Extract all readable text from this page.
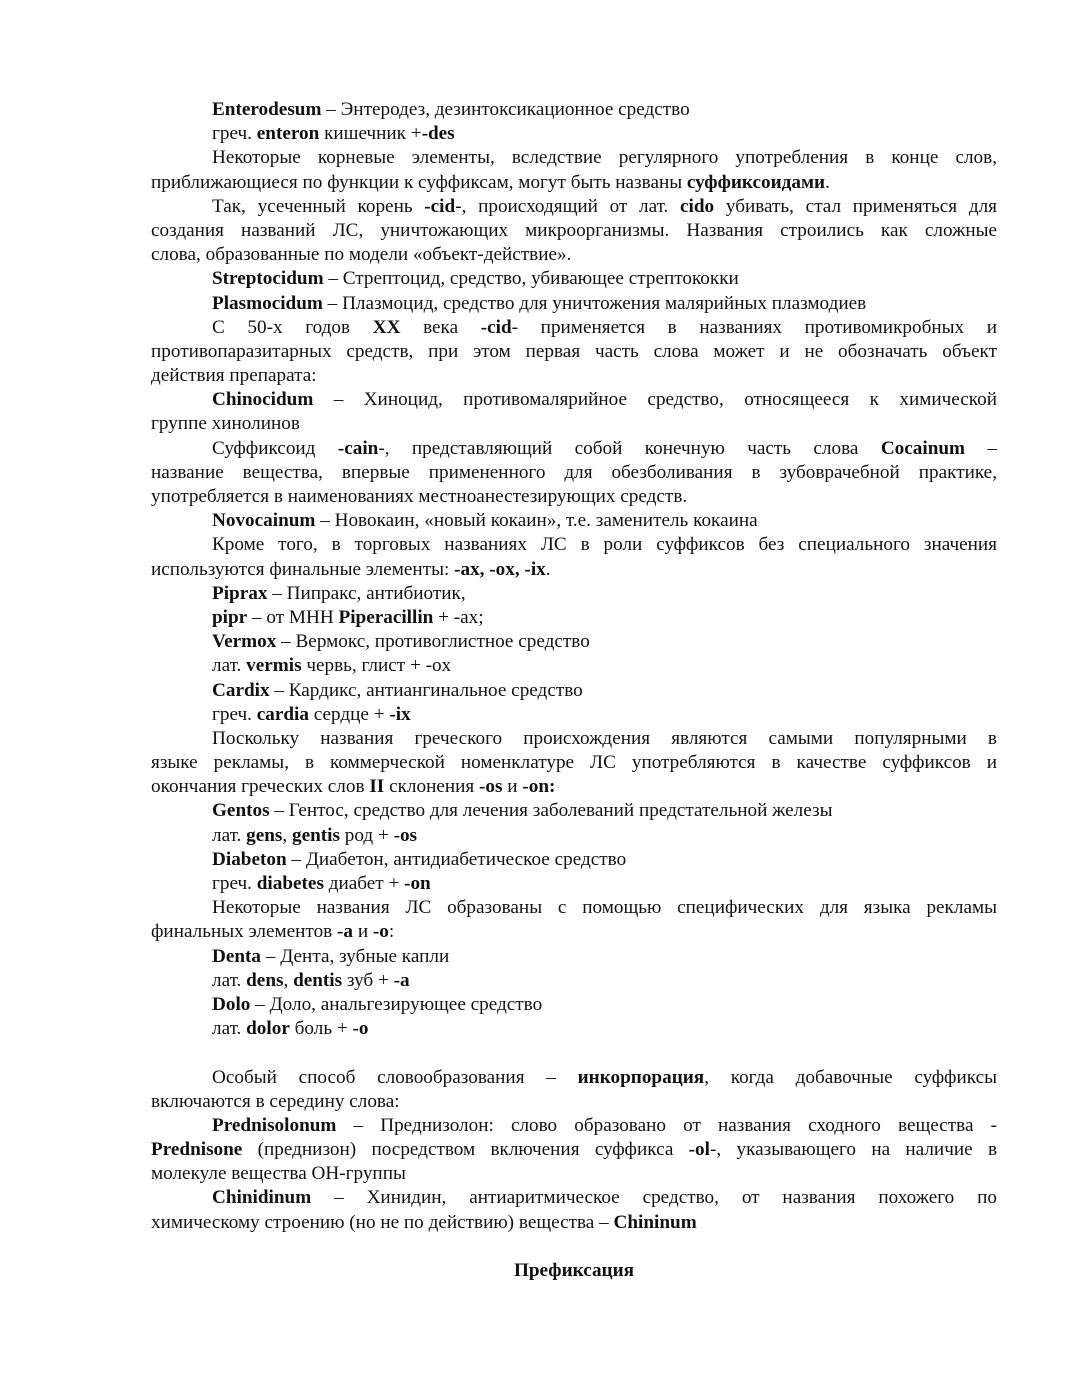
Enterodesum – Энтеродез, дезинтоксикационное средство
греч. enteron кишечник +-des
Некоторые корневые элементы, вследствие регулярного употребления в конце слов,
приближающиеся по функции к суффиксам, могут быть названы суффиксоидами.
Так, усеченный корень -cid-, происходящий от лат. cido убивать, стал применяться для
создания названий ЛС, уничтожающих микроорганизмы. Названия строились как сложные
слова, образованные по модели «объект-действие».
Streptocidum – Стрептоцид, средство, убивающее стрептококки
Plasmocidum – Плазмоцид, средство для уничтожения малярийных плазмодиев
С 50-х годов XX века -cid- применяется в названиях противомикробных и
противопаразитарных средств, при этом первая часть слова может и не обозначать объект
действия препарата:
Chinocidum – Хиноцид, противомалярийное средство, относящееся к химической
группе хинолинов
Суффиксоид -cain-, представляющий собой конечную часть слова Cocainum –
название вещества, впервые примененного для обезболивания в зубоврачебной практике,
употребляется в наименованиях местноанестезирующих средств.
Novocainum – Новокаин, «новый кокаин», т.е. заменитель кокаина
Кроме того, в торговых названиях ЛС в роли суффиксов без специального значения
используются финальные элементы: -ax, -ox, -ix.
Piprax – Пипракс, антибиотик,
pipr – от МНН Piperacillin + -ax;
Vermox – Вермокс, противоглистное средство
лат. vermis червь, глист + -ox
Cardix – Кардикс, антиангинальное средство
греч. cardia сердце + -ix
Поскольку названия греческого происхождения являются самыми популярными в
языке рекламы, в коммерческой номенклатуре ЛС употребляются в качестве суффиксов и
окончания греческих слов II склонения -os и -on:
Gentos – Гентос, средство для лечения заболеваний предстательной железы
лат. gens, gentis род + -os
Diabeton – Диабетон, антидиабетическое средство
греч. diabetes диабет + -on
Некоторые названия ЛС образованы с помощью специфических для языка рекламы
финальных элементов -a и -o:
Denta – Дента, зубные капли
лат. dens, dentis зуб + -a
Dolo – Доло, анальгезирующее средство
лат. dolor боль + -o
Особый способ словообразования – инкорпорация, когда добавочные суффиксы
включаются в середину слова:
Prednisolonum – Преднизолон: слово образовано от названия сходного вещества -
Prednisone (преднизон) посредством включения суффикса -ol-, указывающего на наличие в
молекуле вещества ОН-группы
Chinidinum – Хинидин, антиаритмическое средство, от названия похожего по
химическому строению (но не по действию) вещества – Chininum
Префиксация
